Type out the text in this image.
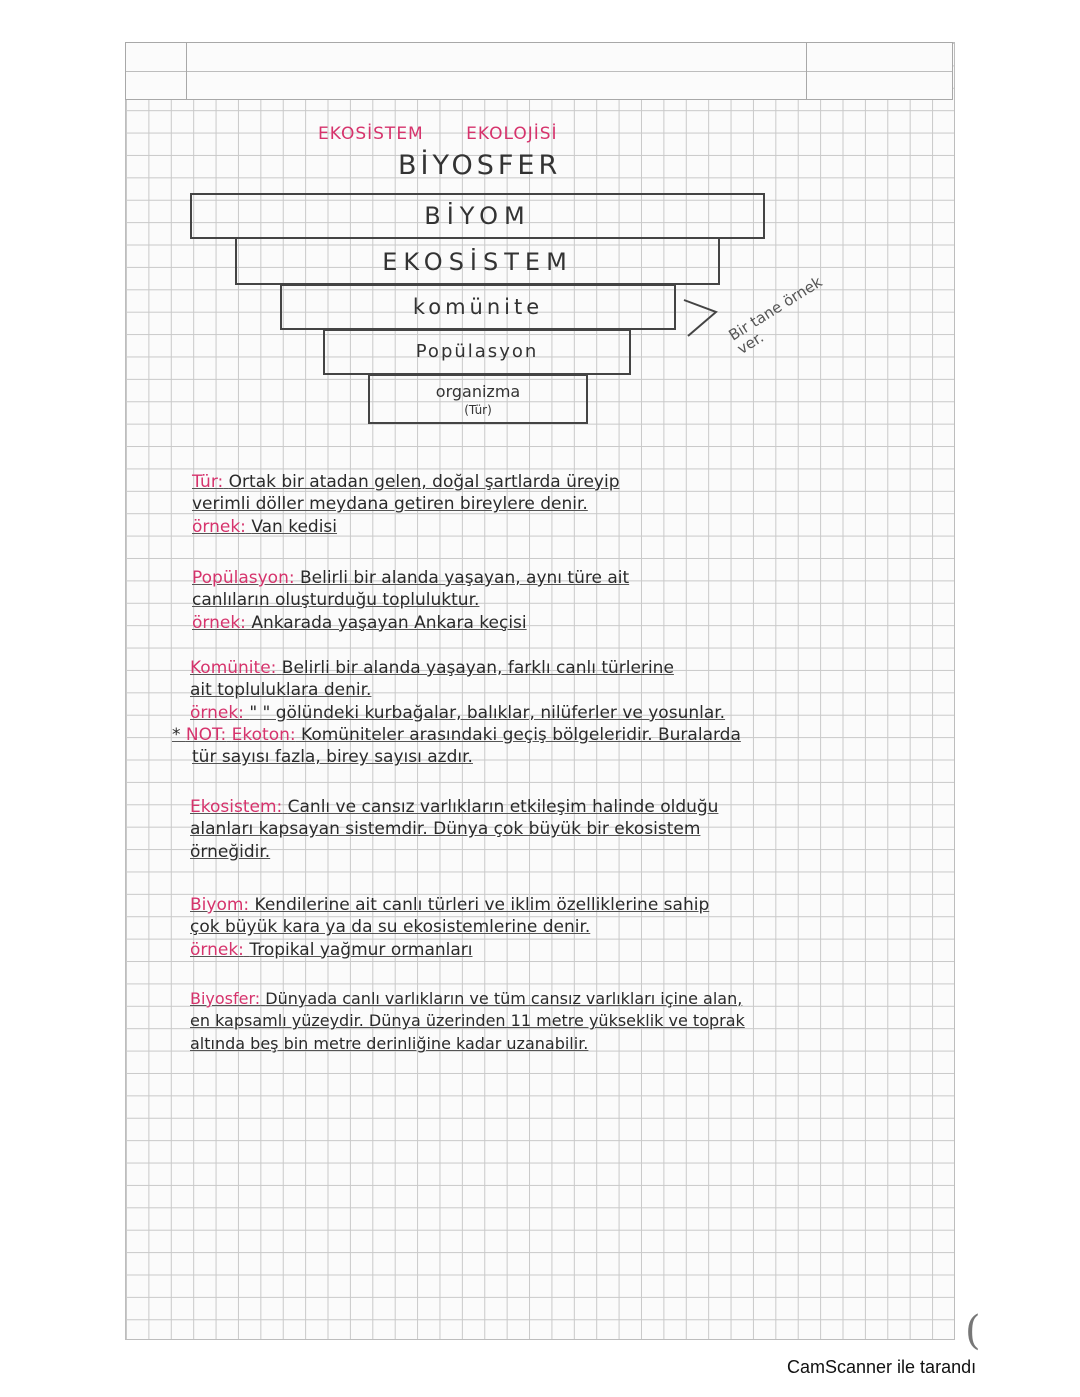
EKOSİSTEM EKOLOJİSİ
BİYOSFER
BİYOM
EKOSİSTEM
komünite
Popülasyon
organizma
(Tür)
Bir tane örnek ver.
Tür: Ortak bir atadan gelen, doğal şartlarda üreyip
verimli döller meydana getiren bireylere denir.
örnek: Van kedisi
Popülasyon: Belirli bir alanda yaşayan, aynı türe ait
canlıların oluşturduğu topluluktur.
örnek: Ankarada yaşayan Ankara keçisi
Komünite: Belirli bir alanda yaşayan, farklı canlı türlerine
ait topluluklara denir.
örnek: " " gölündeki kurbağalar, balıklar, nilüferler ve yosunlar.
* NOT: Ekoton: Komüniteler arasındaki geçiş bölgeleridir. Buralarda
tür sayısı fazla, birey sayısı azdır.
Ekosistem: Canlı ve cansız varlıkların etkileşim halinde olduğu
alanları kapsayan sistemdir. Dünya çok büyük bir ekosistem
örneğidir.
Biyom: Kendilerine ait canlı türleri ve iklim özelliklerine sahip
çok büyük kara ya da su ekosistemlerine denir.
örnek: Tropikal yağmur ormanları
Biyosfer: Dünyada canlı varlıkların ve tüm cansız varlıkları içine alan,
en kapsamlı yüzeydir. Dünya üzerinden 11 metre yükseklik ve toprak
altında beş bin metre derinliğine kadar uzanabilir.
(
CamScanner ile tarandı
